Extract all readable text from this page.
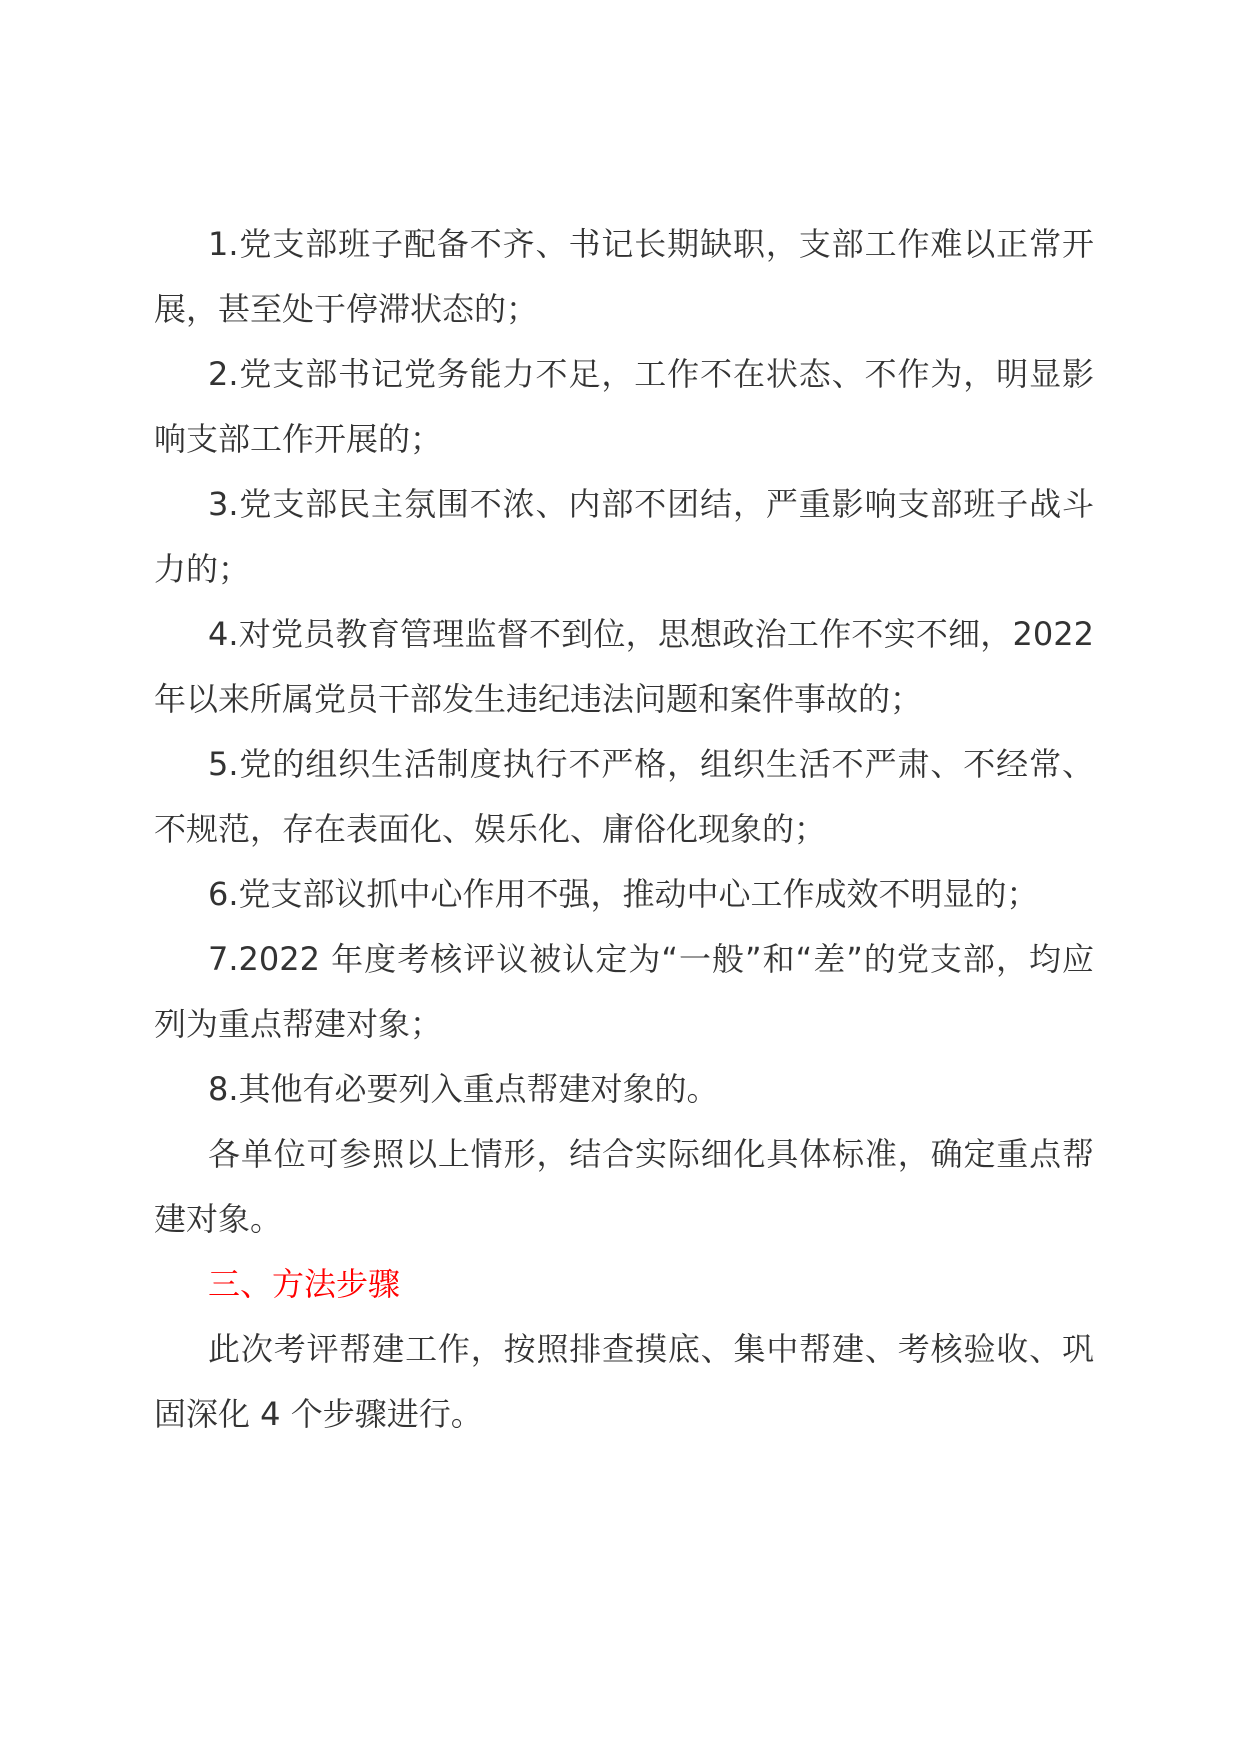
1.党支部班子配备不齐、书记长期缺职，支部工作难以正常开展，甚至处于停滞状态的；

2.党支部书记党务能力不足，工作不在状态、不作为，明显影响支部工作开展的；

3.党支部民主氛围不浓、内部不团结，严重影响支部班子战斗力的；

4.对党员教育管理监督不到位，思想政治工作不实不细，2022 年以来所属党员干部发生违纪违法问题和案件事故的；

5.党的组织生活制度执行不严格，组织生活不严肃、不经常、不规范，存在表面化、娱乐化、庸俗化现象的；

6.党支部议抓中心作用不强，推动中心工作成效不明显的；

7.2022 年度考核评议被认定为“一般”和“差”的党支部，均应列为重点帮建对象；

8.其他有必要列入重点帮建对象的。

各单位可参照以上情形，结合实际细化具体标准，确定重点帮建对象。

三、方法步骤

此次考评帮建工作，按照排查摸底、集中帮建、考核验收、巩固深化 4 个步骤进行。
